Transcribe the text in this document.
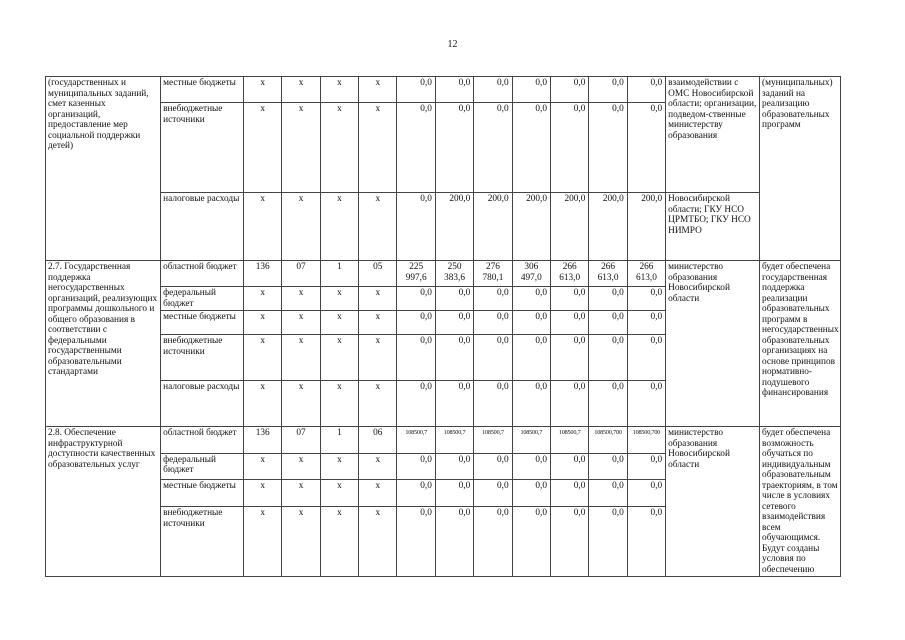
12
(государственных и муниципальных заданий, смет казенных организаций, предоставление мер социальной поддержки детей)	местные бюджеты	x	x	x	x	0,0	0,0	0,0	0,0	0,0	0,0	0,0	взаимодействии с ОМС Новосибирской области; организации, подведом-ственные министерству образования	(муниципальных) заданий на реализацию образовательных программ
	внебюджетные источники	x	x	x	x	0,0	0,0	0,0	0,0	0,0	0,0	0,0		
	налоговые расходы	x	x	x	x	0,0	200,0	200,0	200,0	200,0	200,0	200,0	Новосибирской области; ГКУ НСО ЦРМТБО; ГКУ НСО НИМРО	
2.7. Государственная поддержка негосударственных организаций, реализующих программы дошкольного и общего образования в соответствии с федеральными государственными образовательными стандартами	областной бюджет	136	07	1	05	225 997,6	250 383,6	276 780,1	306 497,0	266 613,0	266 613,0	266 613,0	министерство образования Новосибирской области	будет обеспечена государственная поддержка реализации образовательных программ в негосударственных образовательных организациях на основе принципов нормативно-подушевого финансирования
	федеральный бюджет	x	x	x	x	0,0	0,0	0,0	0,0	0,0	0,0	0,0		
	местные бюджеты	x	x	x	x	0,0	0,0	0,0	0,0	0,0	0,0	0,0		
	внебюджетные источники	x	x	x	x	0,0	0,0	0,0	0,0	0,0	0,0	0,0		
	налоговые расходы	x	x	x	x	0,0	0,0	0,0	0,0	0,0	0,0	0,0		
2.8. Обеспечение инфраструктурной доступности качественных образовательных услуг	областной бюджет	136	07	1	06	108500,7	108500,7	108500,7	108500,7	108500,7	108500,700	108500,700	министерство образования Новосибирской области	будет обеспечена возможность обучаться по индивидуальным образовательным траекториям, в том числе в условиях сетевого взаимодействия всем обучающимся. Будут созданы условия по обеспечению
	федеральный бюджет	x	x	x	x	0,0	0,0	0,0	0,0	0,0	0,0	0,0		
	местные бюджеты	x	x	x	x	0,0	0,0	0,0	0,0	0,0	0,0	0,0		
	внебюджетные источники	x	x	x	x	0,0	0,0	0,0	0,0	0,0	0,0	0,0		
